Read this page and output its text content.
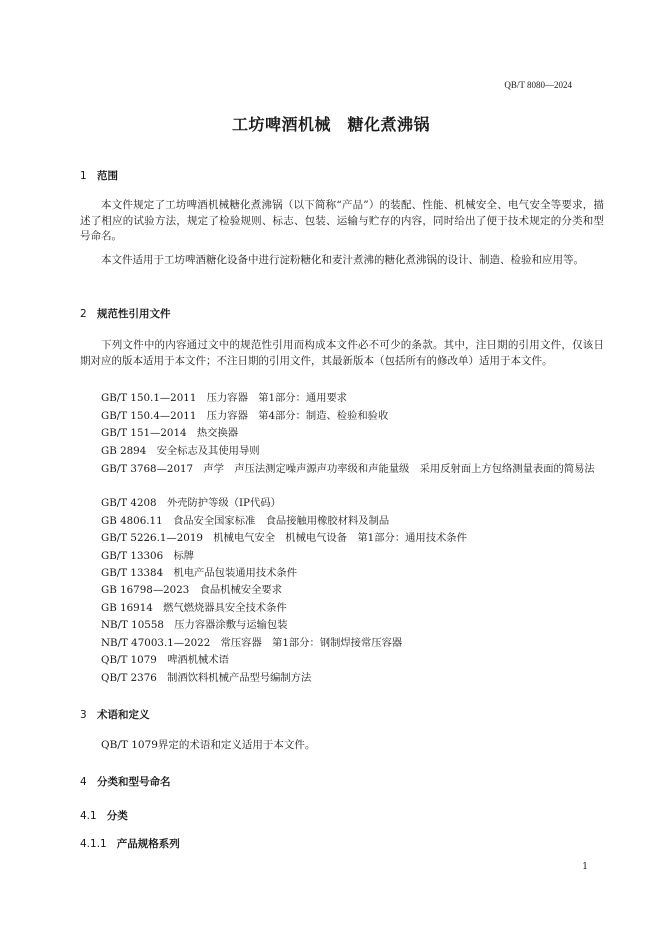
QB/T 8080—2024
工坊啤酒机械　糖化煮沸锅
1 范围
本文件规定了工坊啤酒机械糖化煮沸锅（以下简称“产品”）的装配、性能、机械安全、电气安全等要求，描述了相应的试验方法，规定了检验规则、标志、包装、运输与贮存的内容，同时给出了便于技术规定的分类和型号命名。
本文件适用于工坊啤酒糖化设备中进行淀粉糖化和麦汁煮沸的糖化煮沸锅的设计、制造、检验和应用等。
2 规范性引用文件
下列文件中的内容通过文中的规范性引用而构成本文件必不可少的条款。其中，注日期的引用文件，仅该日期对应的版本适用于本文件；不注日期的引用文件，其最新版本（包括所有的修改单）适用于本文件。
GB/T 150.1—2011　压力容器　第1部分：通用要求
GB/T 150.4—2011　压力容器　第4部分：制造、检验和验收
GB/T 151—2014　热交换器
GB 2894　安全标志及其使用导则
GB/T 3768—2017　声学　声压法测定噪声源声功率级和声能量级　采用反射面上方包络测量表面的简易法
GB/T 4208　外壳防护等级（IP代码）
GB 4806.11　食品安全国家标准　食品接触用橡胶材料及制品
GB/T 5226.1—2019　机械电气安全　机械电气设备　第1部分：通用技术条件
GB/T 13306　标牌
GB/T 13384　机电产品包装通用技术条件
GB 16798—2023　食品机械安全要求
GB 16914　燃气燃烧器具安全技术条件
NB/T 10558　压力容器涂敷与运输包装
NB/T 47003.1—2022　常压容器　第1部分：钢制焊接常压容器
QB/T 1079　啤酒机械术语
QB/T 2376　制酒饮料机械产品型号编制方法
3 术语和定义
QB/T 1079界定的术语和定义适用于本文件。
4 分类和型号命名
4.1 分类
4.1.1 产品规格系列
1
